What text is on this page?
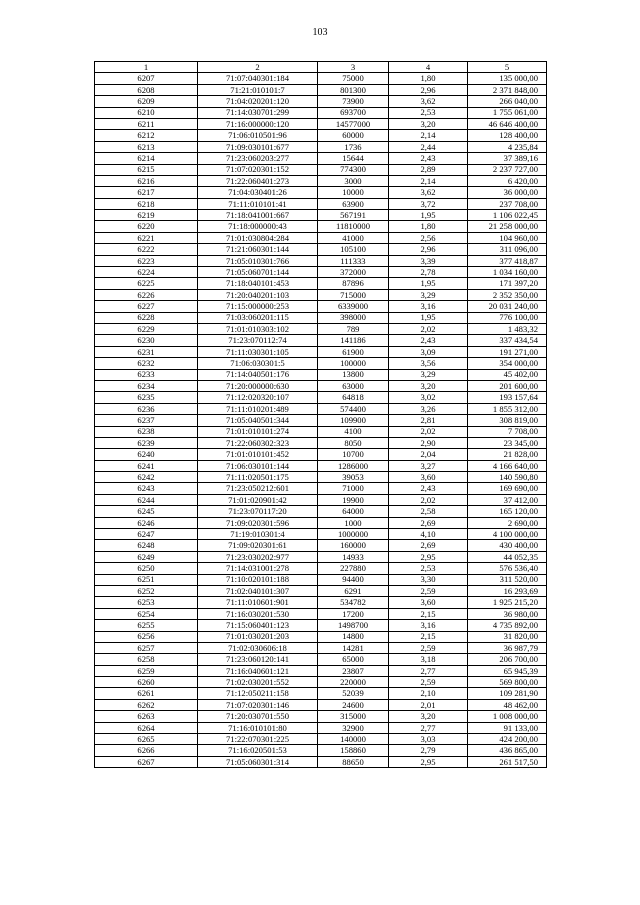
103
1	2	3	4	5
6207	71:07:040301:184	75000	1,80	135 000,00
6208	71:21:010101:7	801300	2,96	2 371 848,00
6209	71:04:020201:120	73900	3,62	266 040,00
6210	71:14:030701:299	693700	2,53	1 755 061,00
6211	71:16:000000:120	14577000	3,20	46 646 400,00
6212	71:06:010501:96	60000	2,14	128 400,00
6213	71:09:030101:677	1736	2,44	4 235,84
6214	71:23:060203:277	15644	2,43	37 389,16
6215	71:07:020301:152	774300	2,89	2 237 727,00
6216	71:22:060401:273	3000	2,14	6 420,00
6217	71:04:030401:26	10000	3,62	36 000,00
6218	71:11:010101:41	63900	3,72	237 708,00
6219	71:18:041001:667	567191	1,95	1 106 022,45
6220	71:18:000000:43	11810000	1,80	21 258 000,00
6221	71:01:030804:284	41000	2,56	104 960,00
6222	71:21:060301:144	105100	2,96	311 096,00
6223	71:05:010301:766	111333	3,39	377 418,87
6224	71:05:060701:144	372000	2,78	1 034 160,00
6225	71:18:040101:453	87896	1,95	171 397,20
6226	71:20:040201:103	715000	3,29	2 352 350,00
6227	71:15:000000:253	6339000	3,16	20 031 240,00
6228	71:03:060201:115	398000	1,95	776 100,00
6229	71:01:010303:102	789	2,02	1 483,32
6230	71:23:070112:74	141186	2,43	337 434,54
6231	71:11:030301:105	61900	3,09	191 271,00
6232	71:06:030301:5	100000	3,56	354 000,00
6233	71:14:040501:176	13800	3,29	45 402,00
6234	71:20:000000:630	63000	3,20	201 600,00
6235	71:12:020320:107	64818	3,02	193 157,64
6236	71:11:010201:489	574400	3,26	1 855 312,00
6237	71:05:040501:344	109900	2,81	308 819,00
6238	71:01:010101:274	4100	2,02	7 708,00
6239	71:22:060302:323	8050	2,90	23 345,00
6240	71:01:010101:452	10700	2,04	21 828,00
6241	71:06:030101:144	1286000	3,27	4 166 640,00
6242	71:11:020501:175	39053	3,60	140 590,80
6243	71:23:050212:601	71000	2,43	169 690,00
6244	71:01:020901:42	19900	2,02	37 412,00
6245	71:23:070117:20	64000	2,58	165 120,00
6246	71:09:020301:596	1000	2,69	2 690,00
6247	71:19:010301:4	1000000	4,10	4 100 000,00
6248	71:09:020301:61	160000	2,69	430 400,00
6249	71:23:030202:977	14933	2,95	44 052,35
6250	71:14:031001:278	227880	2,53	576 536,40
6251	71:10:020101:188	94400	3,30	311 520,00
6252	71:02:040101:307	6291	2,59	16 293,69
6253	71:11:010601:901	534782	3,60	1 925 215,20
6254	71:16:030201:530	17200	2,15	36 980,00
6255	71:15:060401:123	1498700	3,16	4 735 892,00
6256	71:01:030201:203	14800	2,15	31 820,00
6257	71:02:030606:18	14281	2,59	36 987,79
6258	71:23:060120:141	65000	3,18	206 700,00
6259	71:16:040601:121	23807	2,77	65 945,39
6260	71:02:030201:552	220000	2,59	569 800,00
6261	71:12:050211:158	52039	2,10	109 281,90
6262	71:07:020301:146	24600	2,01	48 462,00
6263	71:20:030701:550	315000	3,20	1 008 000,00
6264	71:16:010101:80	32900	2,77	91 133,00
6265	71:22:070301:225	140000	3,03	424 200,00
6266	71:16:020501:53	158860	2,79	436 865,00
6267	71:05:060301:314	88650	2,95	261 517,50
